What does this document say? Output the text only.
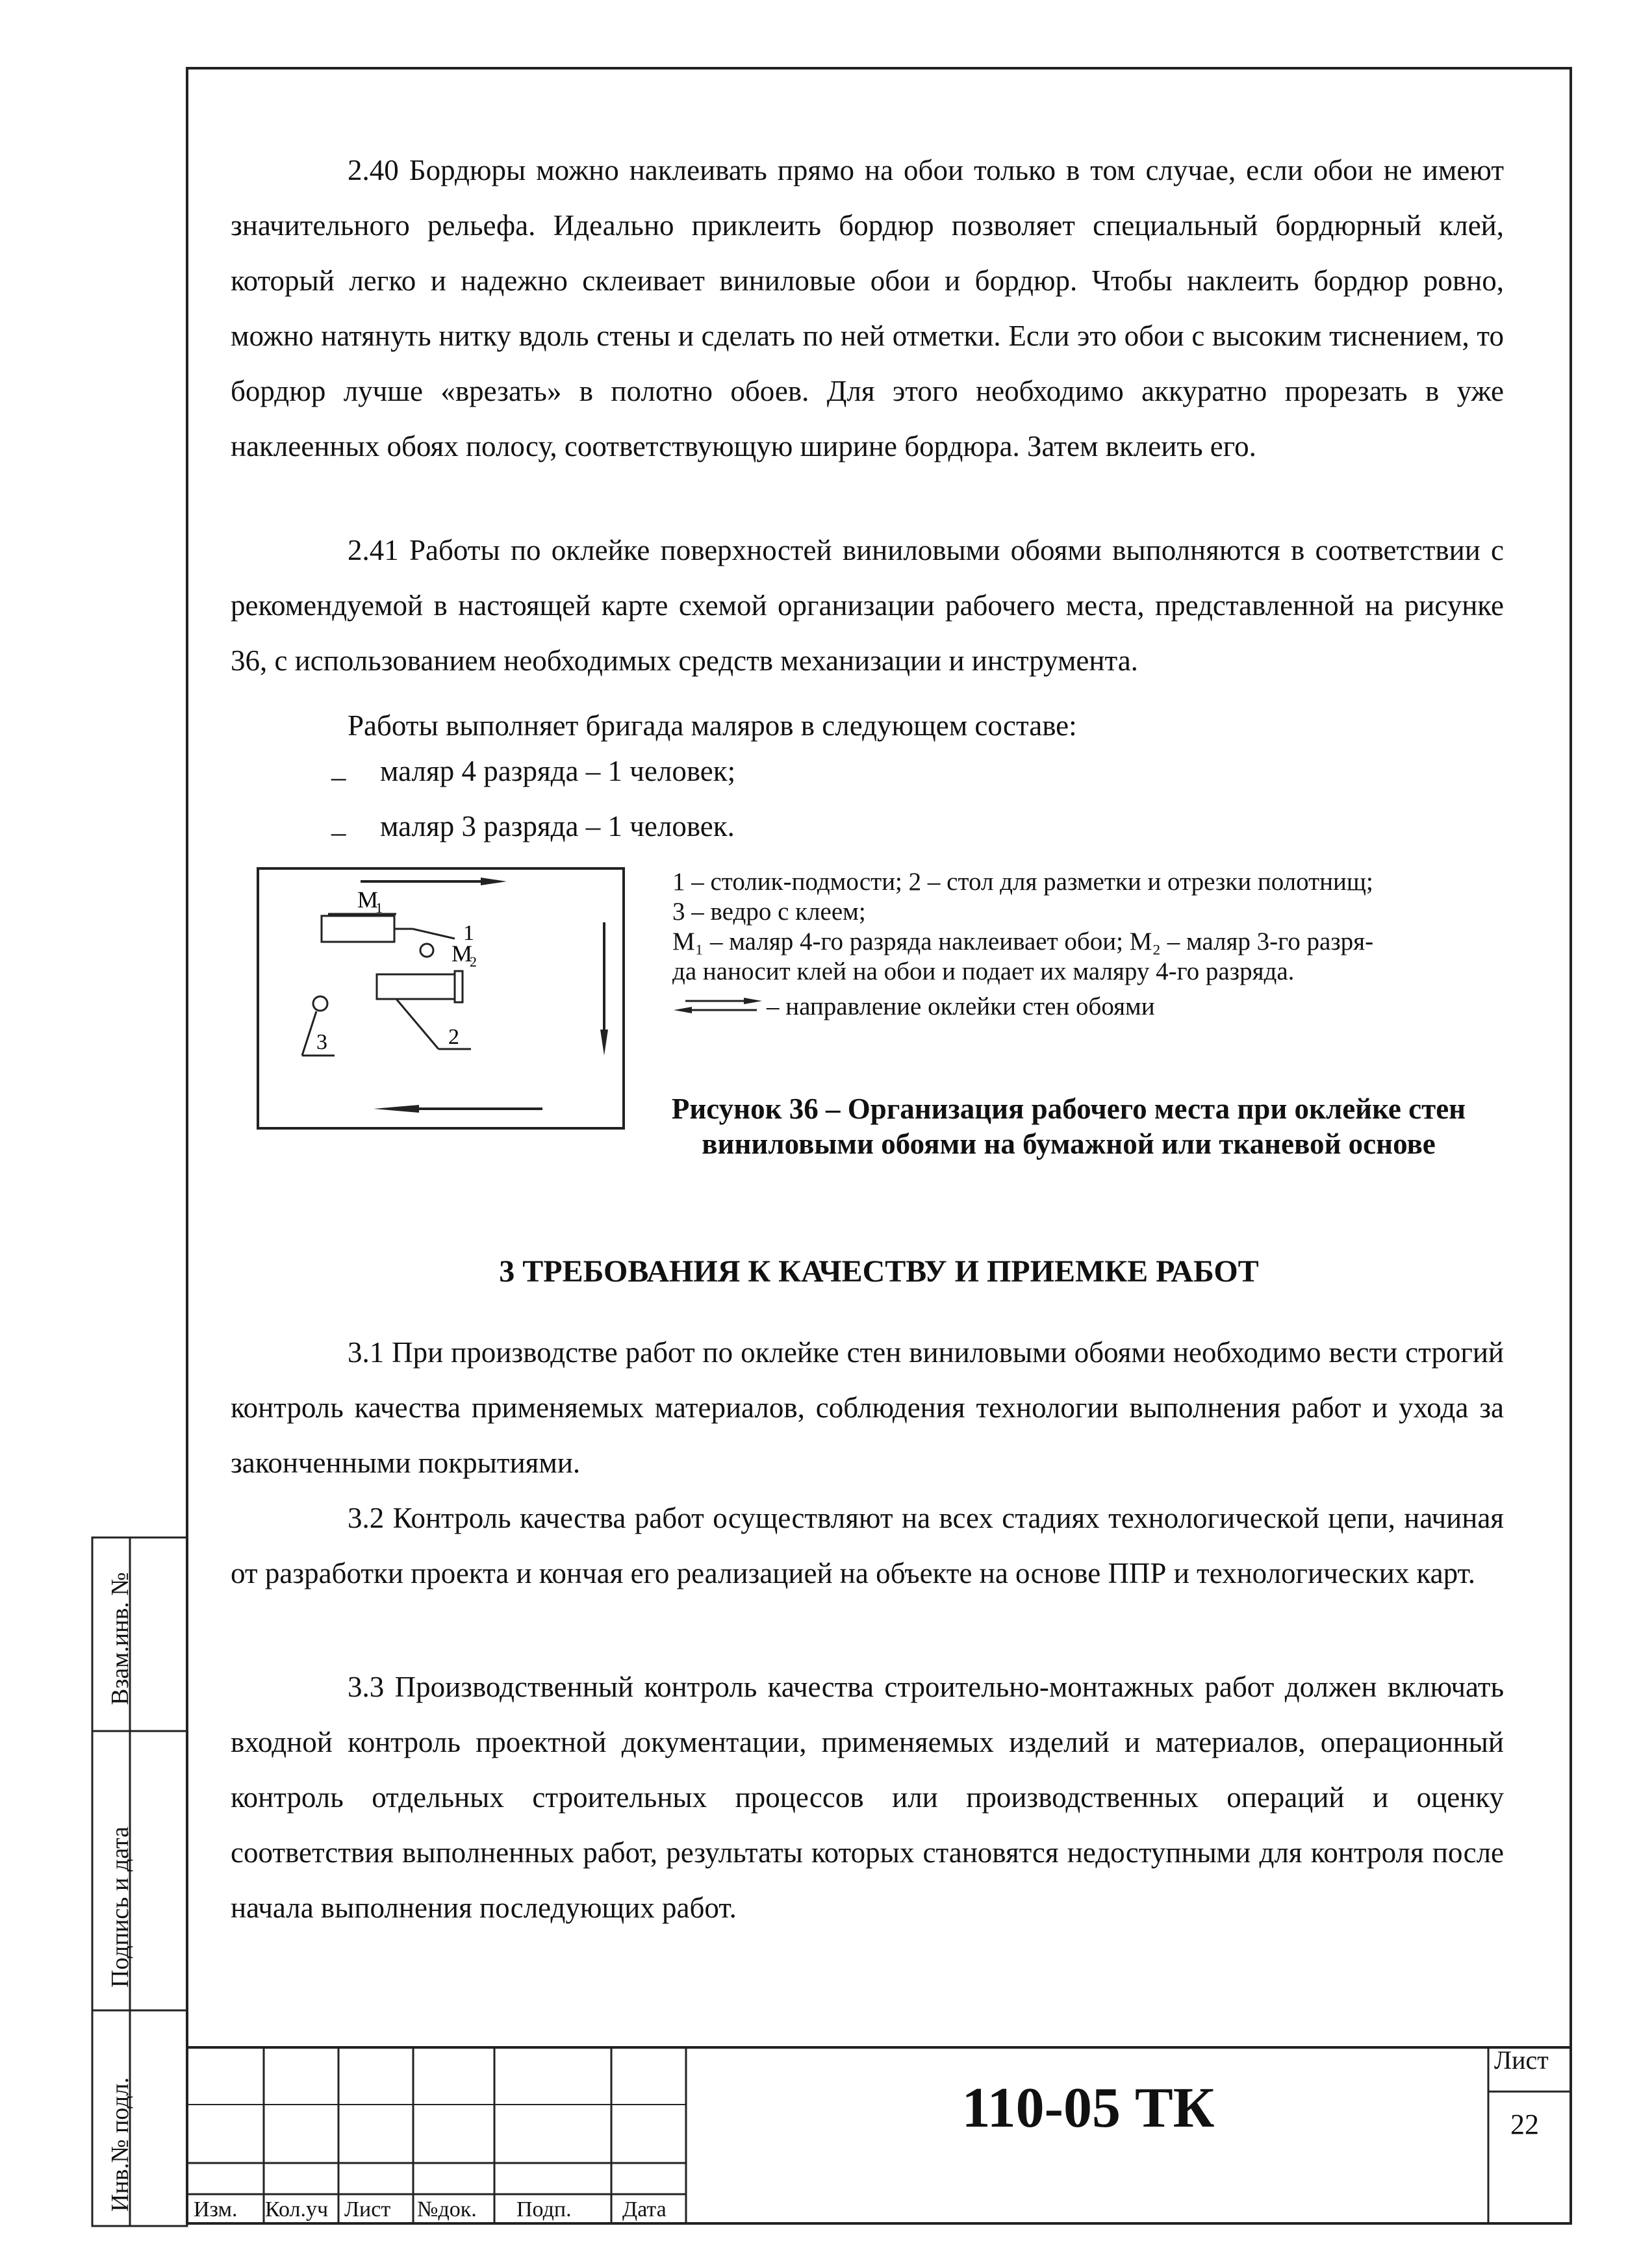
2.40 Бордюры можно наклеивать прямо на обои только в том случае, если обои не имеют значительного рельефа. Идеально приклеить бордюр позволяет специальный бордюрный клей, который легко и надежно склеивает виниловые обои и бордюр. Чтобы наклеить бордюр ровно, можно натянуть нитку вдоль стены и сделать по ней отметки. Если это обои с высоким тиснением, то бордюр лучше «врезать» в полотно обоев. Для этого необходимо аккуратно прорезать в уже наклеенных обоях полосу, соответствующую ширине бордюра. Затем вклеить его.

2.41 Работы по оклейке поверхностей виниловыми обоями выполняются в соответствии с рекомендуемой в настоящей карте схемой организации рабочего места, представленной на рисунке 36, с использованием необходимых средств механизации и инструмента.

Работы выполняет бригада маляров в следующем составе:

– маляр 4 разряда – 1 человек;

– маляр 3 разряда – 1 человек.

М
1
1
М
2
2
3

1 – столик-подмости; 2 – стол для разметки и отрезки полотнищ;

3 – ведро с клеем;

М₁ – маляр 4-го разряда наклеивает обои; М₂ – маляр 3-го разря-

да наносит клей на обои и подает их маляру 4-го разряда.

– направление оклейки стен обоями

Рисунок 36 – Организация рабочего места при оклейке стен виниловыми обоями на бумажной или тканевой основе
3 ТРЕБОВАНИЯ К КАЧЕСТВУ И ПРИЕМКЕ РАБОТ

3.1 При производстве работ по оклейке стен виниловыми обоями необходимо вести строгий контроль качества применяемых материалов, соблюдения технологии выполнения работ и ухода за законченными покрытиями.

3.2 Контроль качества работ осуществляют на всех стадиях технологической цепи, начиная от разработки проекта и кончая его реализацией на объекте на основе ППР и технологических карт.

3.3 Производственный контроль качества строительно-монтажных работ должен включать входной контроль проектной документации, применяемых изделий и материалов, операционный контроль отдельных строительных процессов или производственных операций и оценку соответствия выполненных работ, результаты которых становятся недоступными для контроля после начала выполнения последующих работ.

Взам.инв. №
Подпись и дата
Инв.№ подл.	Изм. Кол.уч Лист №док. Подп. Дата
110-05 ТК
Лист
22
